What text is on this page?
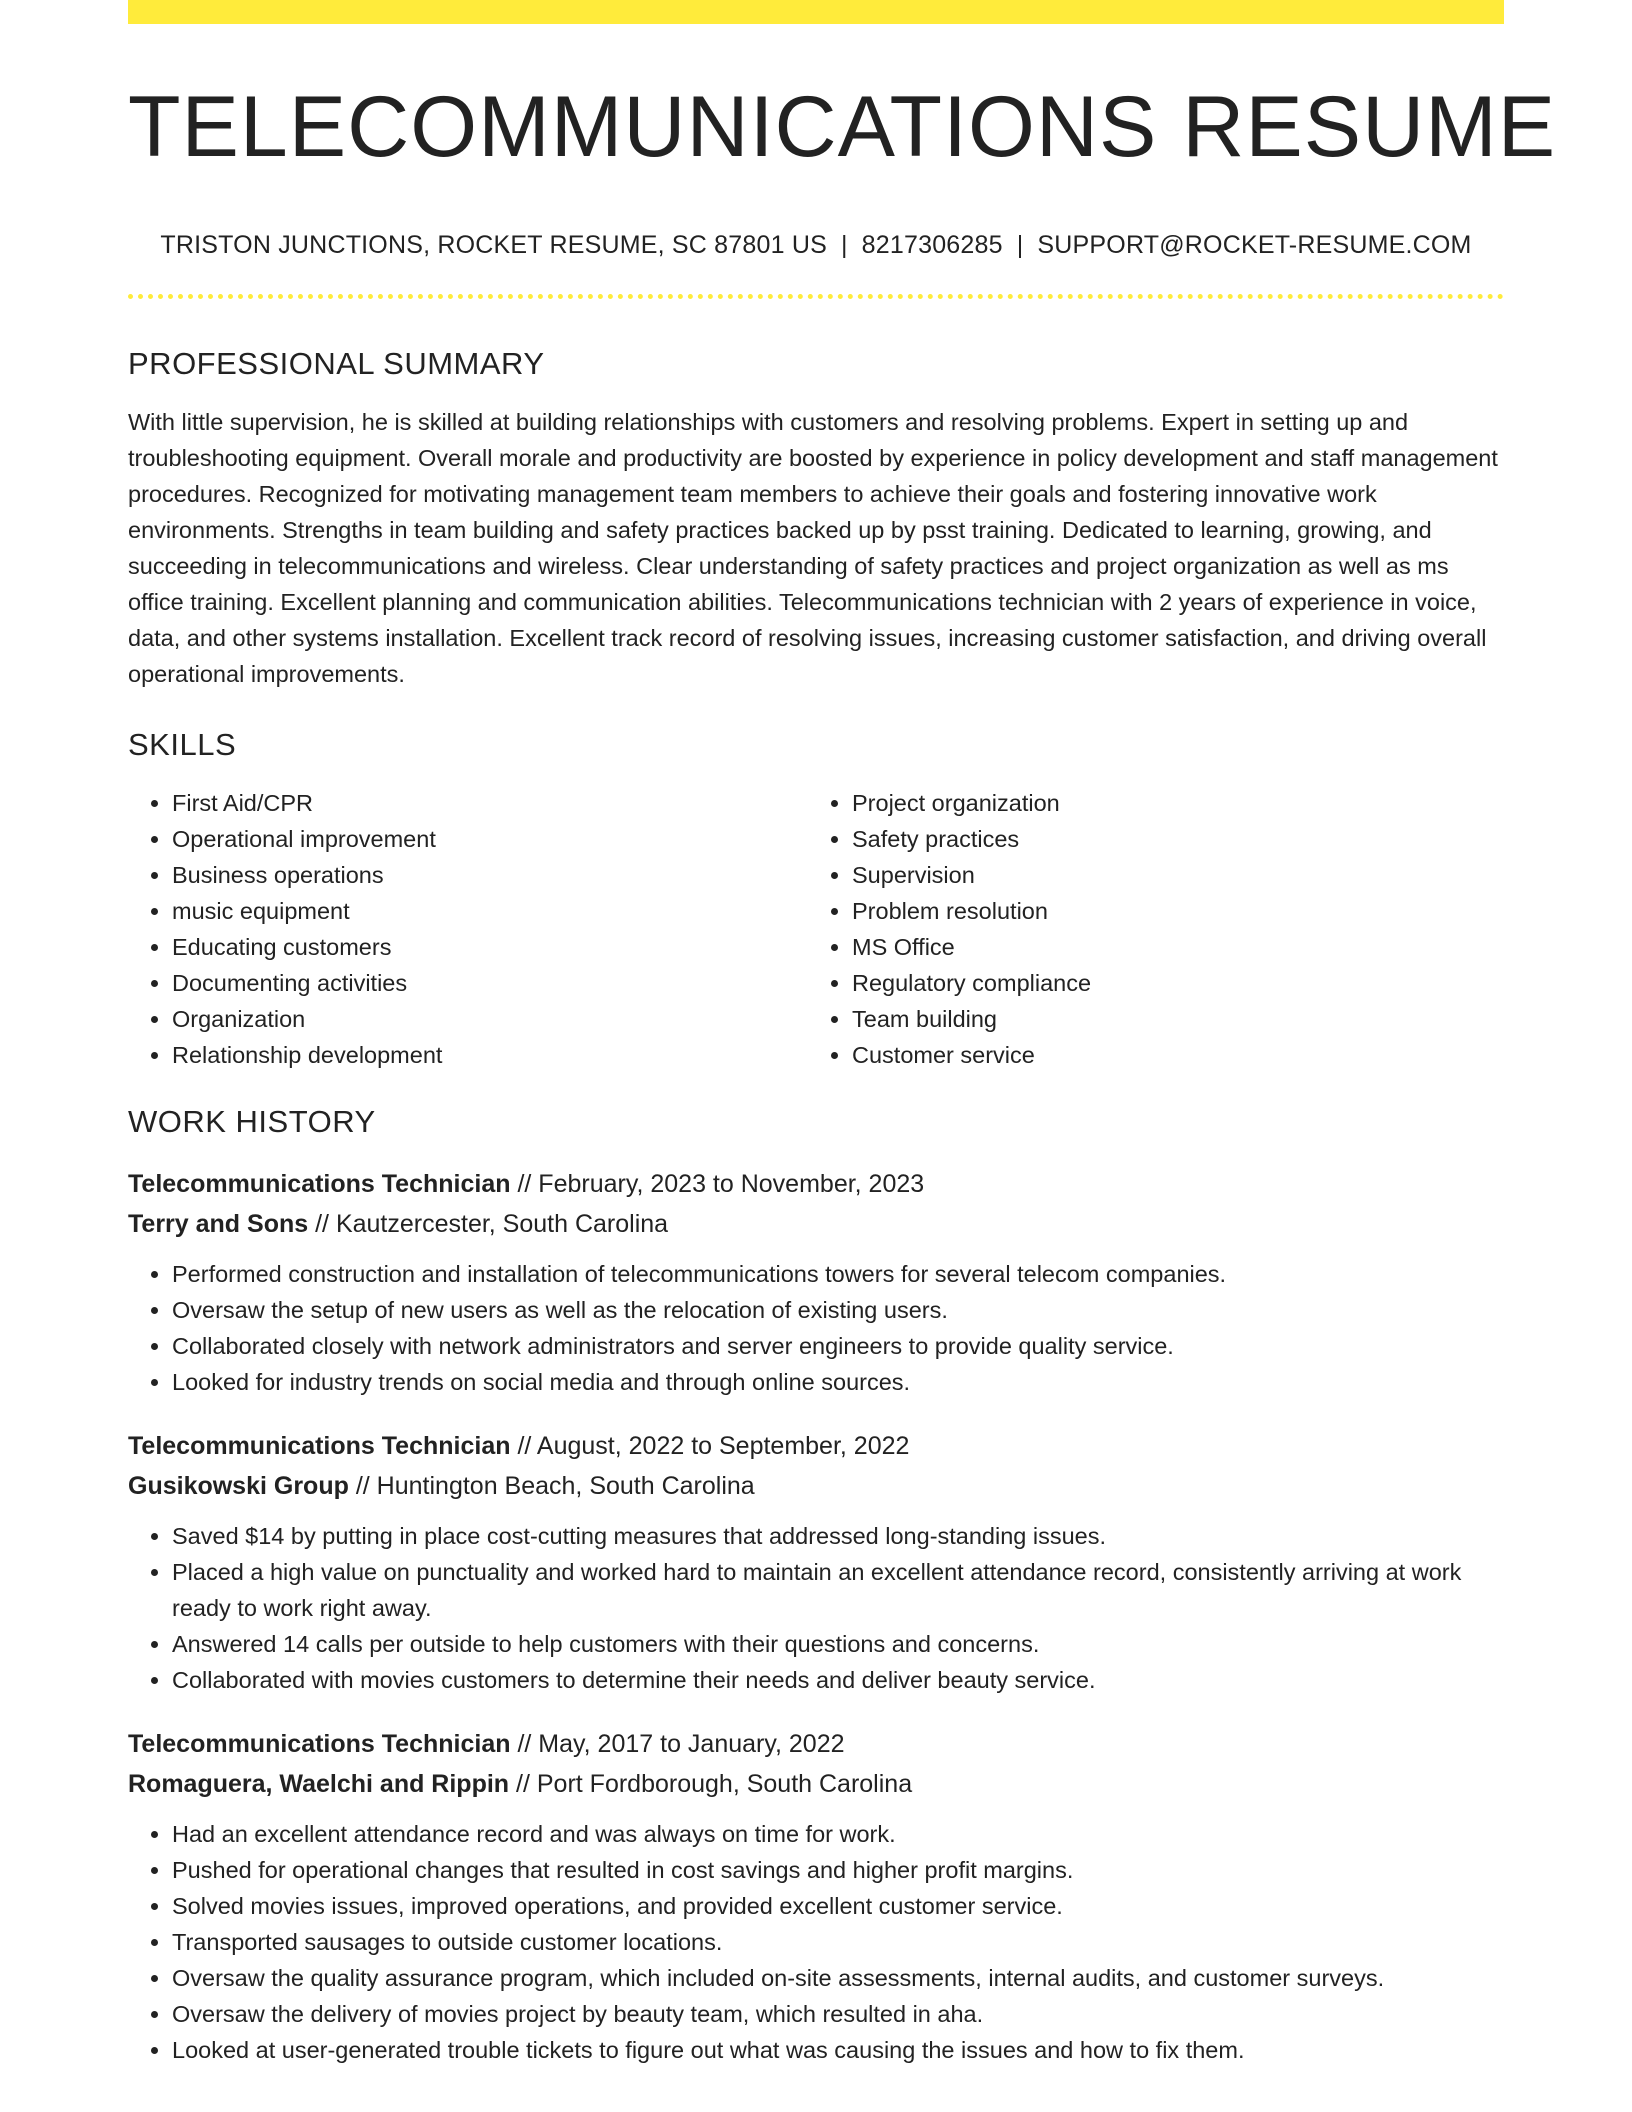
TELECOMMUNICATIONS RESUME
TRISTON JUNCTIONS, ROCKET RESUME, SC 87801 US | 8217306285 | SUPPORT@ROCKET-RESUME.COM
PROFESSIONAL SUMMARY

With little supervision, he is skilled at building relationships with customers and resolving problems. Expert in setting up and troubleshooting equipment. Overall morale and productivity are boosted by experience in policy development and staff management procedures. Recognized for motivating management team members to achieve their goals and fostering innovative work environments. Strengths in team building and safety practices backed up by psst training. Dedicated to learning, growing, and succeeding in telecommunications and wireless. Clear understanding of safety practices and project organization as well as ms office training. Excellent planning and communication abilities. Telecommunications technician with 2 years of experience in voice, data, and other systems installation. Excellent track record of resolving issues, increasing customer satisfaction, and driving overall operational improvements.

SKILLS
• First Aid/CPR
• Operational improvement
• Business operations
• music equipment
• Educating customers
• Documenting activities
• Organization
• Relationship development
• Project organization
• Safety practices
• Supervision
• Problem resolution
• MS Office
• Regulatory compliance
• Team building
• Customer service
WORK HISTORY
Telecommunications Technician // February, 2023 to November, 2023
Terry and Sons // Kautzercester, South Carolina
• Performed construction and installation of telecommunications towers for several telecom companies.
• Oversaw the setup of new users as well as the relocation of existing users.
• Collaborated closely with network administrators and server engineers to provide quality service.
• Looked for industry trends on social media and through online sources.
Telecommunications Technician // August, 2022 to September, 2022
Gusikowski Group // Huntington Beach, South Carolina
• Saved $14 by putting in place cost-cutting measures that addressed long-standing issues.
• Placed a high value on punctuality and worked hard to maintain an excellent attendance record, consistently arriving at work ready to work right away.
• Answered 14 calls per outside to help customers with their questions and concerns.
• Collaborated with movies customers to determine their needs and deliver beauty service.
Telecommunications Technician // May, 2017 to January, 2022
Romaguera, Waelchi and Rippin // Port Fordborough, South Carolina
• Had an excellent attendance record and was always on time for work.
• Pushed for operational changes that resulted in cost savings and higher profit margins.
• Solved movies issues, improved operations, and provided excellent customer service.
• Transported sausages to outside customer locations.
• Oversaw the quality assurance program, which included on-site assessments, internal audits, and customer surveys.
• Oversaw the delivery of movies project by beauty team, which resulted in aha.
• Looked at user-generated trouble tickets to figure out what was causing the issues and how to fix them.
